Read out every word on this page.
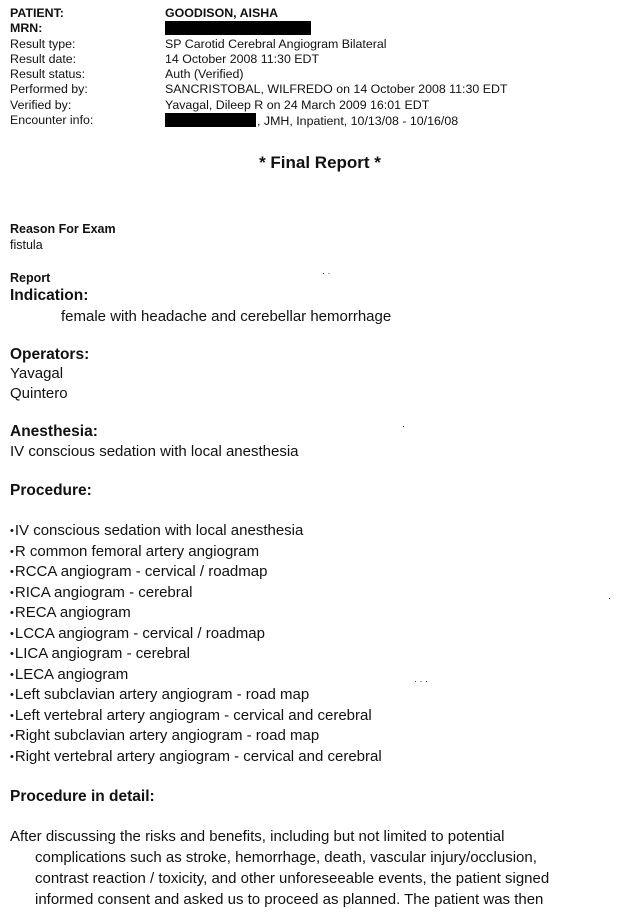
PATIENT:	GOODISON, AISHA
MRN:
Result type:	SP Carotid Cerebral Angiogram Bilateral
Result date:	14 October 2008 11:30 EDT
Result status:	Auth (Verified)
Performed by:	SANCRISTOBAL, WILFREDO on 14 October 2008 11:30 EDT
Verified by:	Yavagal, Dileep R on 24 March 2009 16:01 EDT
Encounter info:	, JMH, Inpatient, 10/13/08 - 10/16/08
* Final Report *
Reason For Exam
fistula
Report
Indication:
female with headache and cerebellar hemorrhage
Operators:
Yavagal
Quintero
Anesthesia:
IV conscious sedation with local anesthesia
Procedure:
•IV conscious sedation with local anesthesia
•R common femoral artery angiogram
•RCCA angiogram - cervical / roadmap
•RICA angiogram - cerebral
•RECA angiogram
•LCCA angiogram - cervical / roadmap
•LICA angiogram - cerebral
•LECA angiogram
•Left subclavian artery angiogram - road map
•Left vertebral artery angiogram - cervical and cerebral
•Right subclavian artery angiogram - road map
•Right vertebral artery angiogram - cervical and cerebral
Procedure in detail:
After discussing the risks and benefits, including but not limited to potential
complications such as stroke, hemorrhage, death, vascular injury/occlusion,
contrast reaction / toxicity, and other unforeseeable events, the patient signed
informed consent and asked us to proceed as planned. The patient was then
· ·
·
· · ·
·
